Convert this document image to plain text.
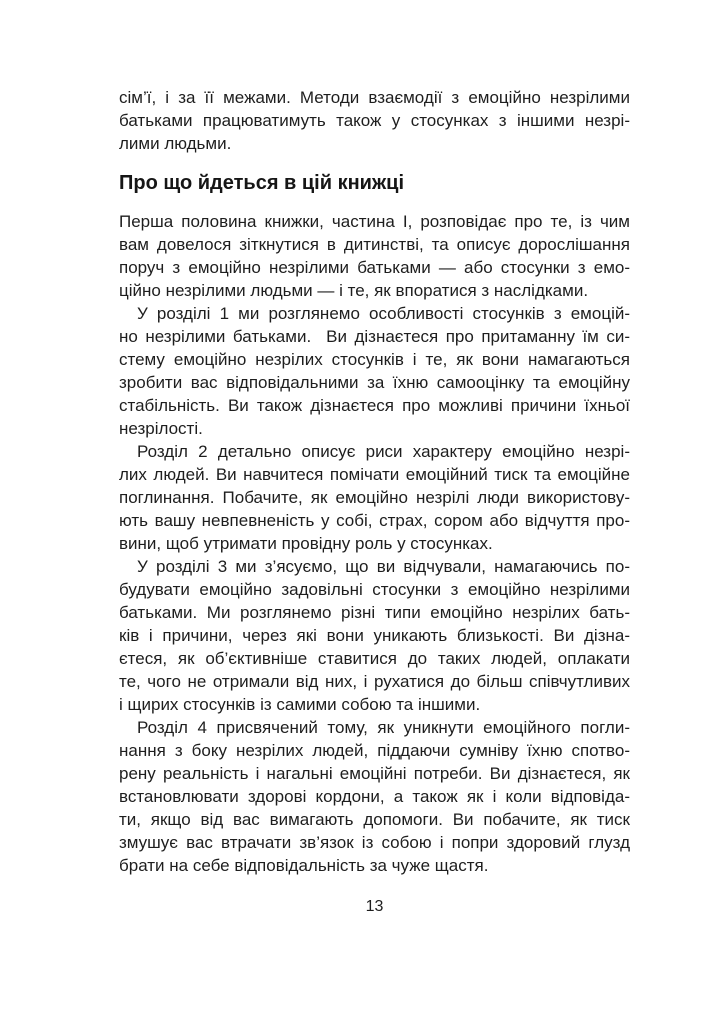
сім’ї, і за її межами. Методи взаємодії з емоційно незрілими
батьками працюватимуть також у стосунках з іншими незрі-
лими людьми.
Про що йдеться в цій книжці
Перша половина книжки, частина I, розповідає про те, із чим
вам довелося зіткнутися в дитинстві, та описує дорослішання
поруч з емоційно незрілими батьками — або стосунки з емо-
ційно незрілими людьми — і те, як впоратися з наслідками.
У розділі 1 ми розглянемо особливості стосунків з емоцій-
но незрілими батьками.  Ви дізнаєтеся про притаманну їм си-
стему емоційно незрілих стосунків і те, як вони намагаються
зробити вас відповідальними за їхню самооцінку та емоційну
стабільність. Ви також дізнаєтеся про можливі причини їхньої
незрілості.
Розділ 2 детально описує риси характеру емоційно незрі-
лих людей. Ви навчитеся помічати емоційний тиск та емоційне
поглинання. Побачите, як емоційно незрілі люди використову-
ють вашу невпевненість у собі, страх, сором або відчуття про-
вини, щоб утримати провідну роль у стосунках.
У розділі 3 ми з’ясуємо, що ви відчували, намагаючись по-
будувати емоційно задовільні стосунки з емоційно незрілими
батьками. Ми розглянемо різні типи емоційно незрілих бать-
ків і причини, через які вони уникають близькості. Ви дізна-
єтеся, як об’єктивніше ставитися до таких людей, оплакати
те, чого не отримали від них, і рухатися до більш співчутливих
і щирих стосунків із самими собою та іншими.
Розділ 4 присвячений тому, як уникнути емоційного погли-
нання з боку незрілих людей, піддаючи сумніву їхню спотво-
рену реальність і нагальні емоційні потреби. Ви дізнаєтеся, як
встановлювати здорові кордони, а також як і коли відповіда-
ти, якщо від вас вимагають допомоги. Ви побачите, як тиск
змушує вас втрачати зв’язок із собою і попри здоровий глузд
брати на себе відповідальність за чуже щастя.
13
